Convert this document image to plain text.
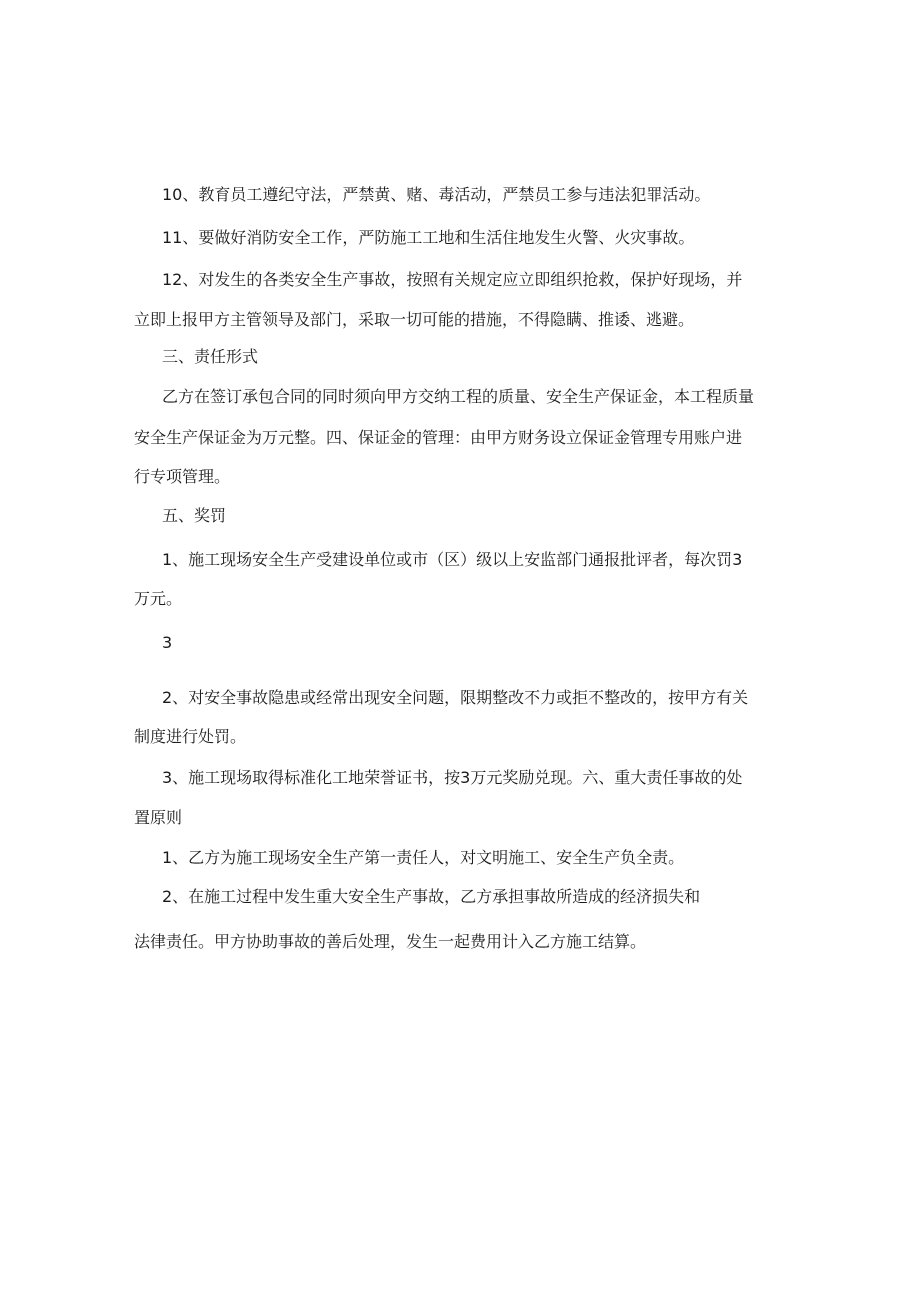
10、教育员工遵纪守法，严禁黄、赌、毒活动，严禁员工参与违法犯罪活动。

11、要做好消防安全工作，严防施工工地和生活住地发生火警、火灾事故。

12、对发生的各类安全生产事故，按照有关规定应立即组织抢救，保护好现场，并

立即上报甲方主管领导及部门，采取一切可能的措施，不得隐瞒、推诿、逃避。

三、责任形式

乙方在签订承包合同的同时须向甲方交纳工程的质量、安全生产保证金，本工程质量

安全生产保证金为万元整。四、保证金的管理：由甲方财务设立保证金管理专用账户进

行专项管理。

五、奖罚

1、施工现场安全生产受建设单位或市（区）级以上安监部门通报批评者，每次罚3

万元。

3

2、对安全事故隐患或经常出现安全问题，限期整改不力或拒不整改的，按甲方有关

制度进行处罚。

3、施工现场取得标准化工地荣誉证书，按3万元奖励兑现。六、重大责任事故的处

置原则

1、乙方为施工现场安全生产第一责任人，对文明施工、安全生产负全责。

2、在施工过程中发生重大安全生产事故，乙方承担事故所造成的经济损失和

法律责任。甲方协助事故的善后处理，发生一起费用计入乙方施工结算。
